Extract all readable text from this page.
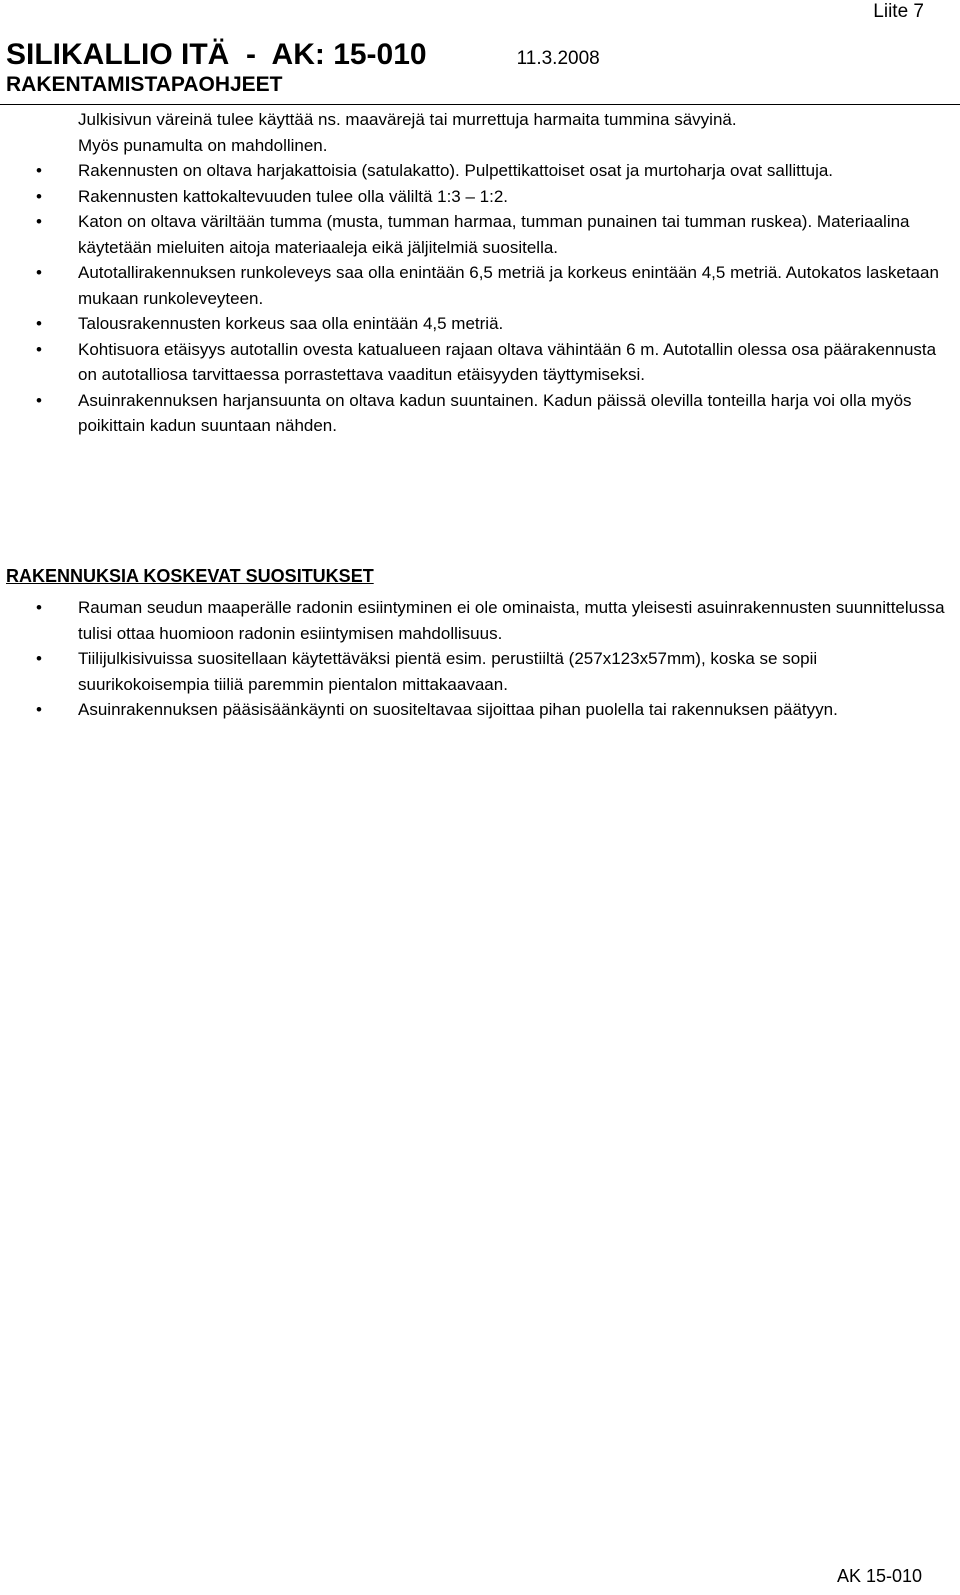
Liite 7
SILIKALLIO ITÄ  -  AK: 15-010	11.3.2008
RAKENTAMISTAPAOHJEET

Julkisivun väreinä tulee käyttää ns. maavärejä tai murrettuja harmaita tummina sävyinä.

Myös punamulta on mahdollinen.

• Rakennusten on oltava harjakattoisia (satulakatto). Pulpettikattoiset osat ja murtoharja ovat sallittuja.
• Rakennusten kattokaltevuuden tulee olla väliltä 1:3 – 1:2.
• Katon on oltava väriltään tumma (musta, tumman harmaa, tumman punainen tai tumman ruskea). Materiaalina käytetään mieluiten aitoja materiaaleja eikä jäljitelmiä suositella.
• Autotallirakennuksen runkoleveys saa olla enintään 6,5 metriä ja korkeus enintään 4,5 metriä. Autokatos lasketaan mukaan runkoleveyteen.
• Talousrakennusten korkeus saa olla enintään 4,5 metriä.
• Kohtisuora etäisyys autotallin ovesta katualueen rajaan oltava vähintään 6 m. Autotallin olessa osa päärakennusta on autotalliosa tarvittaessa porrastettava vaaditun etäisyyden täyttymiseksi.
• Asuinrakennuksen harjansuunta on oltava kadun suuntainen. Kadun päissä olevilla tonteilla harja voi olla myös poikittain kadun suuntaan nähden.
RAKENNUKSIA KOSKEVAT SUOSITUKSET
• Rauman seudun maaperälle radonin esiintyminen ei ole ominaista, mutta yleisesti asuinrakennusten suunnittelussa tulisi ottaa huomioon radonin esiintymisen mahdollisuus.
• Tiilijulkisivuissa suositellaan käytettäväksi pientä esim. perustiiltä (257x123x57mm), koska se sopii suurikokoisempia tiiliä paremmin pientalon mittakaavaan.
• Asuinrakennuksen pääsisäänkäynti on suositeltavaa sijoittaa pihan puolella tai rakennuksen päätyyn.
AK 15-010
